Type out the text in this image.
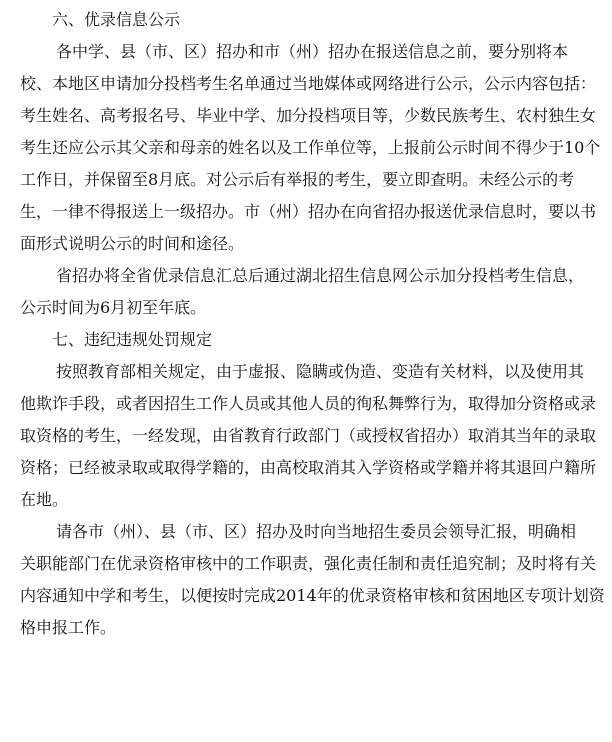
六、优录信息公示

各中学、县（市、区）招办和市（州）招办在报送信息之前，要分别将本
校、本地区申请加分投档考生名单通过当地媒体或网络进行公示，公示内容包括：
考生姓名、高考报名号、毕业中学、加分投档项目等，少数民族考生、农村独生女
考生还应公示其父亲和母亲的姓名以及工作单位等，上报前公示时间不得少于10个
工作日，并保留至8月底。对公示后有举报的考生，要立即查明。未经公示的考
生，一律不得报送上一级招办。市（州）招办在向省招办报送优录信息时，要以书
面形式说明公示的时间和途径。

省招办将全省优录信息汇总后通过湖北招生信息网公示加分投档考生信息，
公示时间为6月初至年底。

七、违纪违规处罚规定

按照教育部相关规定，由于虚报、隐瞒或伪造、变造有关材料，以及使用其
他欺诈手段，或者因招生工作人员或其他人员的徇私舞弊行为，取得加分资格或录
取资格的考生，一经发现，由省教育行政部门（或授权省招办）取消其当年的录取
资格；已经被录取或取得学籍的，由高校取消其入学资格或学籍并将其退回户籍所
在地。

请各市（州）、县（市、区）招办及时向当地招生委员会领导汇报，明确相
关职能部门在优录资格审核中的工作职责，强化责任制和责任追究制；及时将有关
内容通知中学和考生，以便按时完成2014年的优录资格审核和贫困地区专项计划资
格申报工作。
